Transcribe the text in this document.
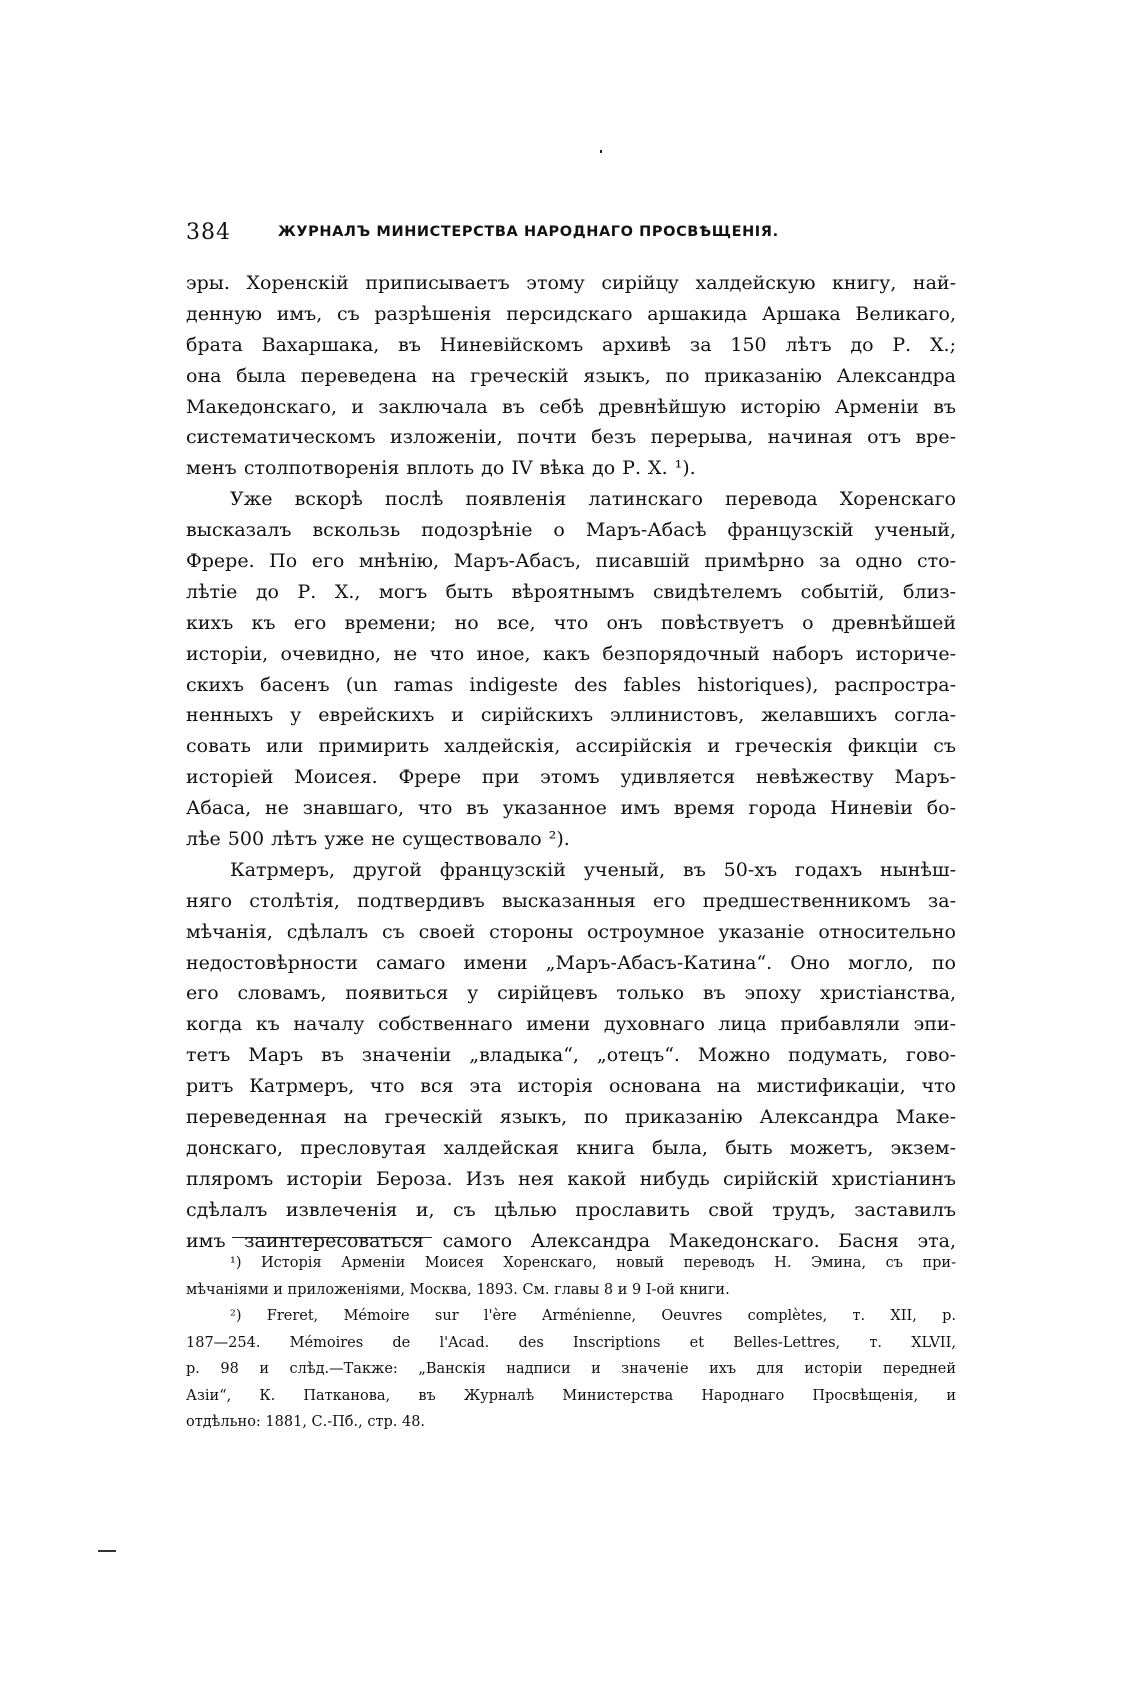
384	ЖУРНАЛЪ МИНИСТЕРСТВА НАРОДНАГО ПРОСВѢЩЕНІЯ.
эры. Хоренскій приписываетъ этому сирійцу халдейскую книгу, най-
денную имъ, съ разрѣшенія персидскаго аршакида Аршака Великаго,
брата Вахаршака, въ Ниневійскомъ архивѣ за 150 лѣтъ до Р. Х.;
она была переведена на греческій языкъ, по приказанію Александра
Македонскаго, и заключала въ себѣ древнѣйшую исторію Арменіи въ
систематическомъ изложеніи, почти безъ перерыва, начиная отъ вре-
менъ столпотворенія вплоть до IV вѣка до Р. Х. ¹).
Уже вскорѣ послѣ появленія латинскаго перевода Хоренскаго
высказалъ вскользь подозрѣніе о Маръ-Абасѣ французскій ученый,
Фрере. По его мнѣнію, Маръ-Абасъ, писавшій примѣрно за одно сто-
лѣтіе до Р. Х., могъ быть вѣроятнымъ свидѣтелемъ событій, близ-
кихъ къ его времени; но все, что онъ повѣствуетъ о древнѣйшей
исторіи, очевидно, не что иное, какъ безпорядочный наборъ историче-
скихъ басенъ (un ramas indigeste des fables historiques), распростра-
ненныхъ у еврейскихъ и сирійскихъ эллинистовъ, желавшихъ согла-
совать или примирить халдейскія, ассирійскія и греческія фикціи съ
исторіей Моисея. Фрере при этомъ удивляется невѣжеству Маръ-
Абаса, не знавшаго, что въ указанное имъ время города Ниневіи бо-
лѣе 500 лѣтъ уже не существовало ²).
Катрмеръ, другой французскій ученый, въ 50-хъ годахъ нынѣш-
няго столѣтія, подтвердивъ высказанныя его предшественникомъ за-
мѣчанія, сдѣлалъ съ своей стороны остроумное указаніе относительно
недостовѣрности самаго имени „Маръ-Абасъ-Катина“. Оно могло, по
его словамъ, появиться у сирійцевъ только въ эпоху христіанства,
когда къ началу собственнаго имени духовнаго лица прибавляли эпи-
тетъ Маръ въ значеніи „владыка“, „отецъ“. Можно подумать, гово-
ритъ Катрмеръ, что вся эта исторія основана на мистификаціи, что
переведенная на греческій языкъ, по приказанію Александра Маке-
донскаго, пресловутая халдейская книга была, быть можетъ, экзем-
пляромъ исторіи Бероза. Изъ нея какой нибудь сирійскій христіанинъ
сдѣлалъ извлеченія и, съ цѣлью прославить свой трудъ, заставилъ
имъ заинтересоваться самого Александра Македонскаго. Басня эта,
¹) Исторія Арменіи Моисея Хоренскаго, новый переводъ Н. Эмина, съ при-
мѣчаніями и приложеніями, Москва, 1893. См. главы 8 и 9 І-ой книги.
²) Freret, Mémoire sur l'ère Arménienne, Oeuvres complètes, т. XII, p.
187—254. Mémoires de l'Acad. des Inscriptions et Belles-Lettres, т. XLVII,
р. 98 и слѣд.—Также: „Ванскія надписи и значеніе ихъ для исторіи передней
Азіи“, К. Патканова, въ Журналѣ Министерства Народнаго Просвѣщенія, и
отдѣльно: 1881, С.-Пб., стр. 48.
